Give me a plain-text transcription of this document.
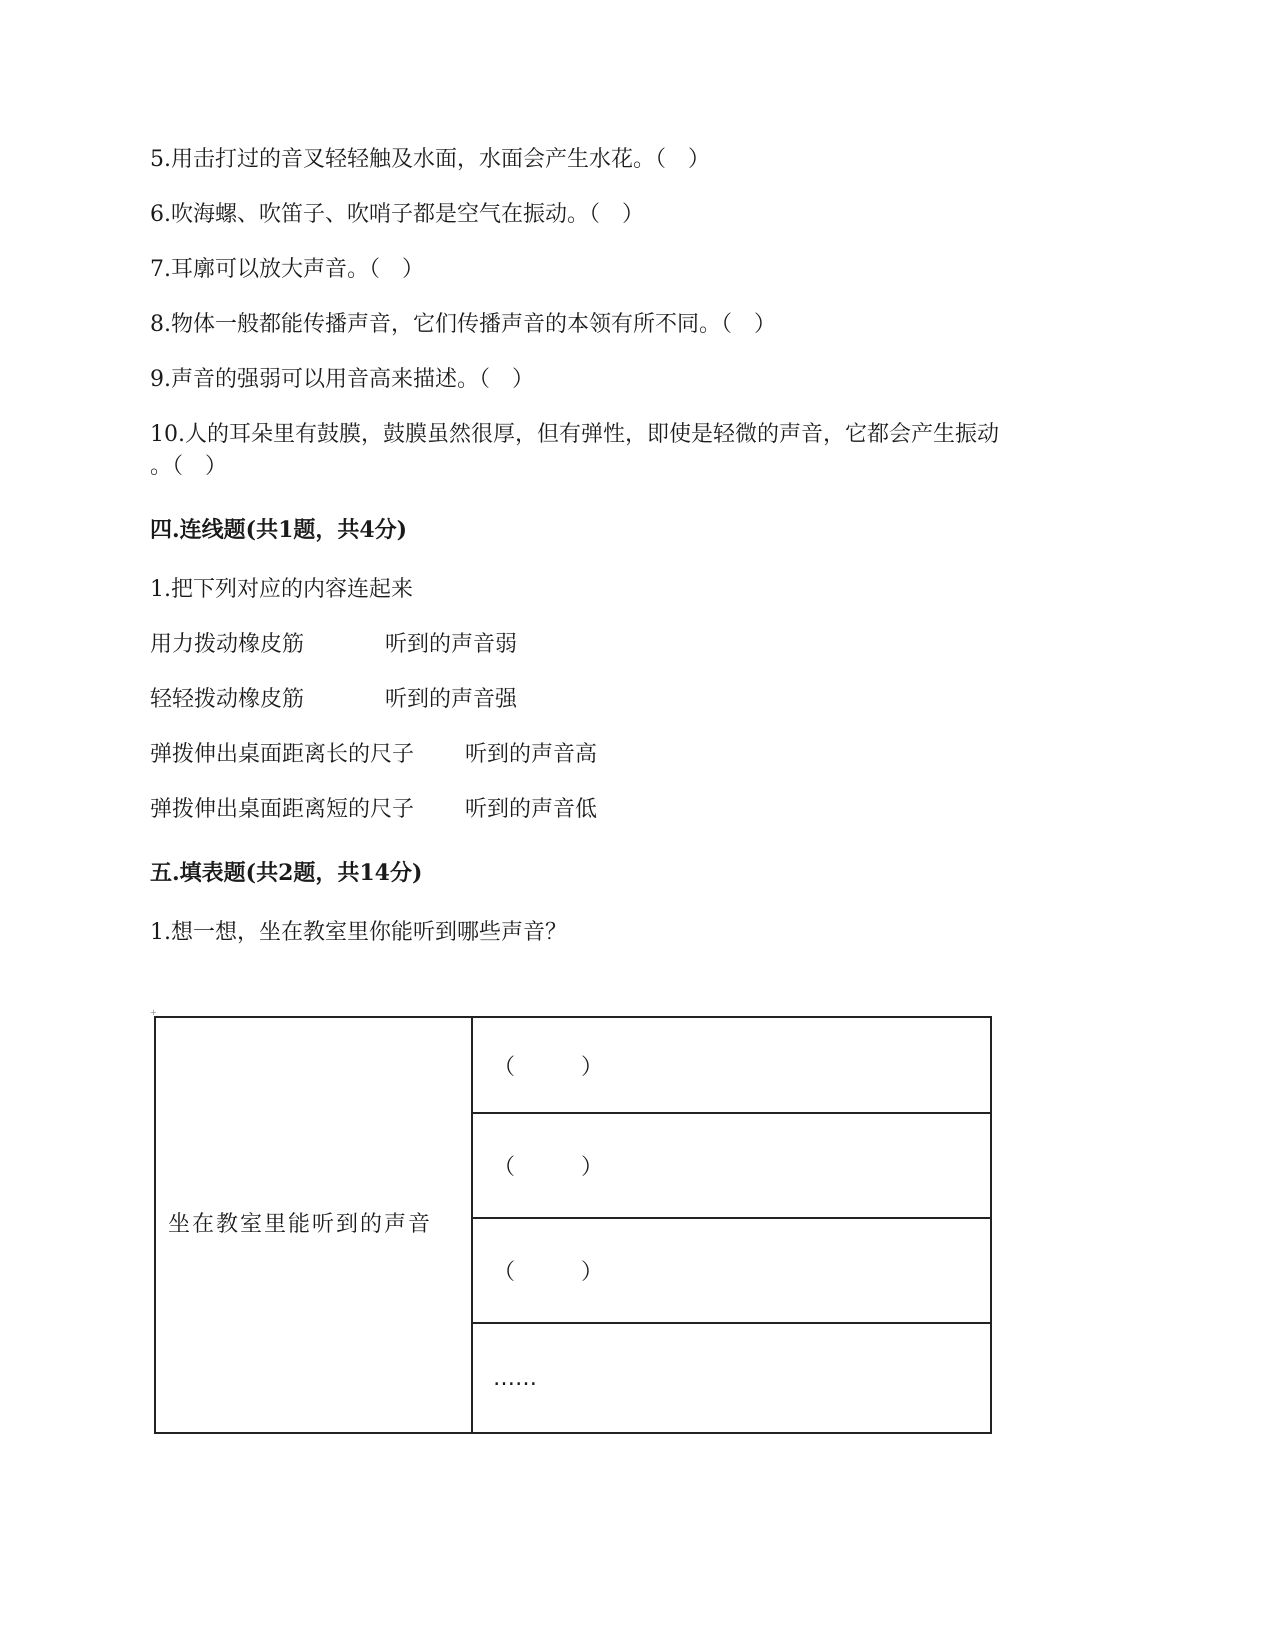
5.用击打过的音叉轻轻触及水面，水面会产生水花。（　）
6.吹海螺、吹笛子、吹哨子都是空气在振动。（　）
7.耳廓可以放大声音。（　）
8.物体一般都能传播声音，它们传播声音的本领有所不同。（　）
9.声音的强弱可以用音高来描述。（　）
10.人的耳朵里有鼓膜，鼓膜虽然很厚，但有弹性，即使是轻微的声音，它都会产生振动
。（　）
四.连线题(共1题，共4分)
1.把下列对应的内容连起来
用力拨动橡皮筋	听到的声音弱
轻轻拨动橡皮筋	听到的声音强
弹拨伸出桌面距离长的尺子 听到的声音高
弹拨伸出桌面距离短的尺子 听到的声音低
五.填表题(共2题，共14分)
1.想一想，坐在教室里你能听到哪些声音？
+
坐在教室里能听到的声音	（　　　）
（　　　）
（　　　）
……
